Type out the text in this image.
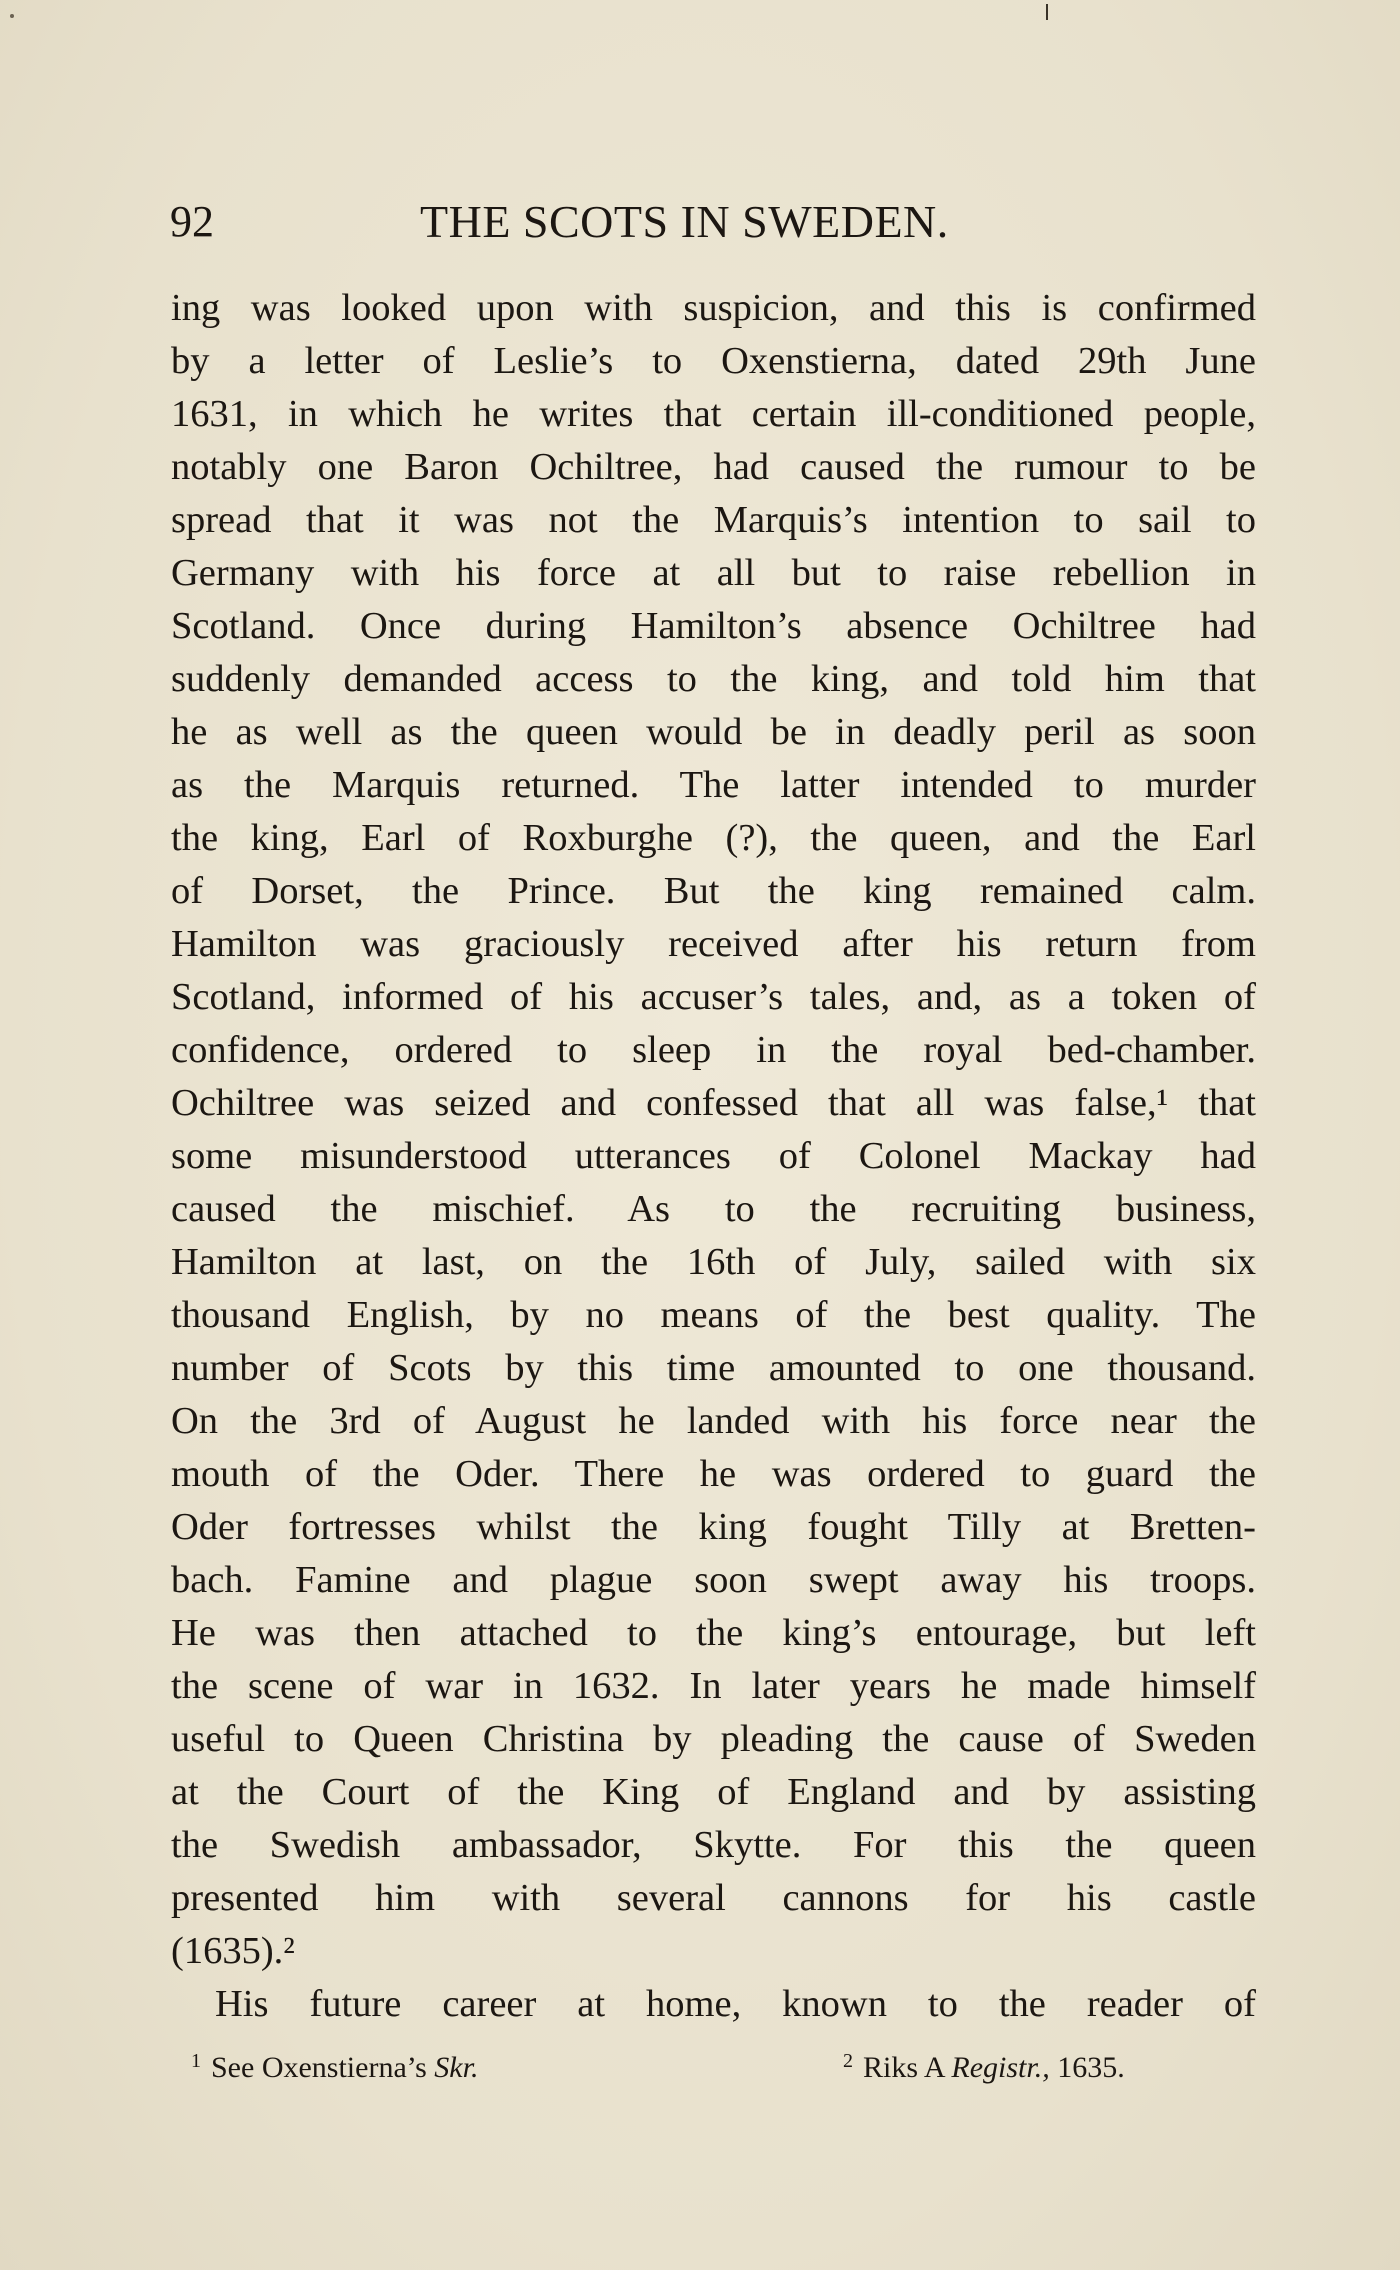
92	THE SCOTS IN SWEDEN.
ing was looked upon with suspicion, and this is confirmed
by a letter of Leslie’s to Oxenstierna, dated 29th June
1631, in which he writes that certain ill-conditioned people,
notably one Baron Ochiltree, had caused the rumour to be
spread that it was not the Marquis’s intention to sail to
Germany with his force at all but to raise rebellion in
Scotland. Once during Hamilton’s absence Ochiltree had
suddenly demanded access to the king, and told him that
he as well as the queen would be in deadly peril as soon
as the Marquis returned. The latter intended to murder
the king, Earl of Roxburghe (?), the queen, and the Earl
of Dorset, the Prince. But the king remained calm.
Hamilton was graciously received after his return from
Scotland, informed of his accuser’s tales, and, as a token of
confidence, ordered to sleep in the royal bed-chamber.
Ochiltree was seized and confessed that all was false,¹ that
some misunderstood utterances of Colonel Mackay had
caused the mischief. As to the recruiting business,
Hamilton at last, on the 16th of July, sailed with six
thousand English, by no means of the best quality. The
number of Scots by this time amounted to one thousand.
On the 3rd of August he landed with his force near the
mouth of the Oder. There he was ordered to guard the
Oder fortresses whilst the king fought Tilly at Bretten-
bach. Famine and plague soon swept away his troops.
He was then attached to the king’s entourage, but left
the scene of war in 1632. In later years he made himself
useful to Queen Christina by pleading the cause of Sweden
at the Court of the King of England and by assisting
the Swedish ambassador, Skytte. For this the queen
presented him with several cannons for his castle
(1635).²
His future career at home, known to the reader of
$^1$ See Oxenstierna’s Skr.	$^2$ Riks A Registr., 1635.
